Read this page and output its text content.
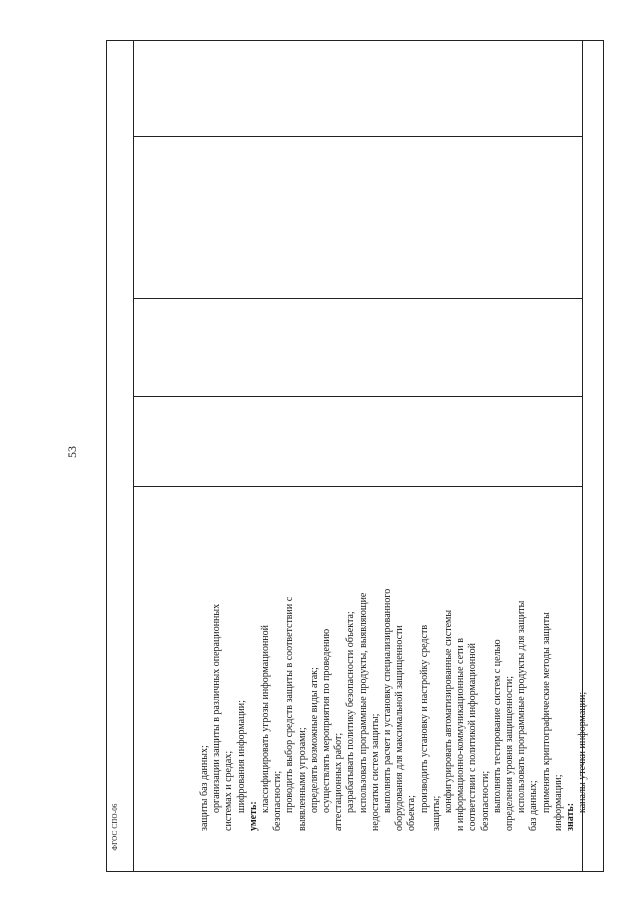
53
ФГОС СПО-06	защиты баз данных; организации защиты в различных операционных системах и средах; шифрования информации;
уметь:
классифицировать угрозы информационной безопасности; проводить выбор средств защиты в соответствии с выявленными угрозами; определять возможные виды атак; осуществлять мероприятия по проведению аттестационных работ; разрабатывать политику безопасности объекта; использовать программные продукты, выявляющие недостатки систем защиты; выполнять расчет и установку специализированного оборудования для максимальной защищенности объекта;
производить установку и настройку средств
защиты;
конфигурировать автоматизированные системы и информационно-коммуникационные сети в соответствии с политикой информационной безопасности; выполнять тестирование систем с целью определения уровня защищенности; использовать программные продукты для защиты баз данных; применять криптографические методы защиты информации; знать:
каналы утечки информации;
